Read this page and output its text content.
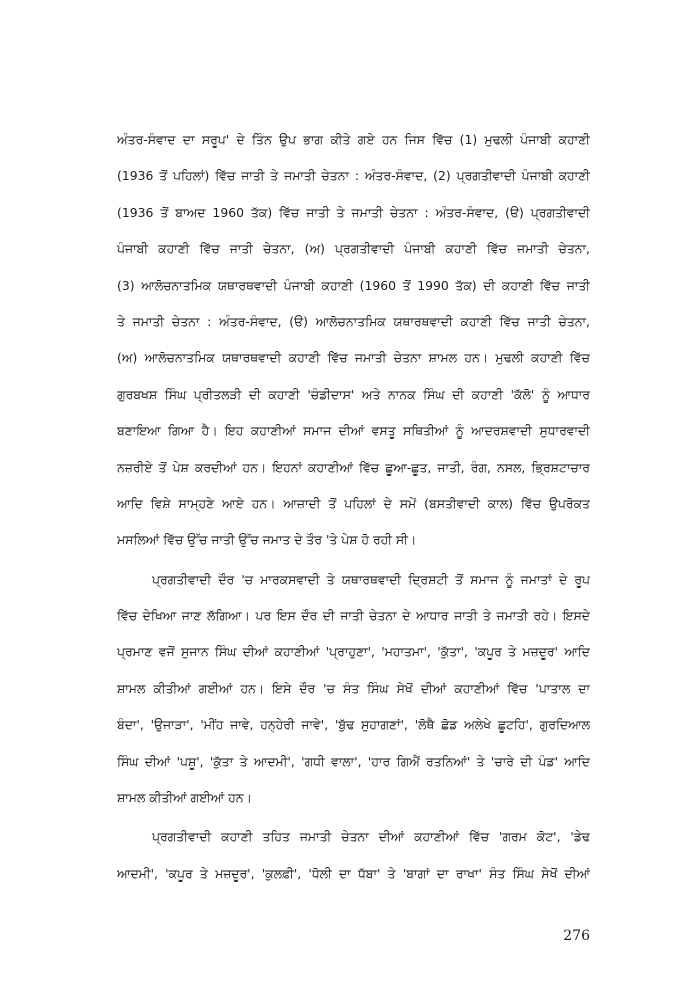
ਅੰਤਰ-ਸੰਵਾਦ ਦਾ ਸਰੂਪ' ਦੇ ਤਿੰਨ ਉਪ ਭਾਗ ਕੀਤੇ ਗਏ ਹਨ ਜਿਸ ਵਿੱਚ (1) ਮੁਢਲੀ ਪੰਜਾਬੀ ਕਹਾਣੀ
(1936 ਤੋਂ ਪਹਿਲਾਂ) ਵਿੱਚ ਜਾਤੀ ਤੇ ਜਮਾਤੀ ਚੇਤਨਾ : ਅੰਤਰ-ਸੰਵਾਦ, (2) ਪ੍ਰਗਤੀਵਾਦੀ ਪੰਜਾਬੀ ਕਹਾਣੀ
(1936 ਤੋਂ ਬਾਅਦ 1960 ਤੱਕ) ਵਿੱਚ ਜਾਤੀ ਤੇ ਜਮਾਤੀ ਚੇਤਨਾ : ਅੰਤਰ-ਸੰਵਾਦ, (ੳ) ਪ੍ਰਗਤੀਵਾਦੀ
ਪੰਜਾਬੀ ਕਹਾਣੀ ਵਿੱਚ ਜਾਤੀ ਚੇਤਨਾ, (ਅ) ਪ੍ਰਗਤੀਵਾਦੀ ਪੰਜਾਬੀ ਕਹਾਣੀ ਵਿੱਚ ਜਮਾਤੀ ਚੇਤਨਾ,
(3) ਆਲੋਚਨਾਤਮਿਕ ਯਥਾਰਥਵਾਦੀ ਪੰਜਾਬੀ ਕਹਾਣੀ (1960 ਤੋਂ 1990 ਤੱਕ) ਦੀ ਕਹਾਣੀ ਵਿੱਚ ਜਾਤੀ
ਤੇ ਜਮਾਤੀ ਚੇਤਨਾ : ਅੰਤਰ-ਸੰਵਾਦ, (ੳ) ਆਲੋਚਨਾਤਮਿਕ ਯਥਾਰਥਵਾਦੀ ਕਹਾਣੀ ਵਿੱਚ ਜਾਤੀ ਚੇਤਨਾ,
(ਅ) ਆਲੋਚਨਾਤਮਿਕ ਯਥਾਰਥਵਾਦੀ ਕਹਾਣੀ ਵਿੱਚ ਜਮਾਤੀ ਚੇਤਨਾ ਸ਼ਾਮਲ ਹਨ। ਮੁਢਲੀ ਕਹਾਣੀ ਵਿੱਚ
ਗੁਰਬਖਸ਼ ਸਿੰਘ ਪ੍ਰੀਤਲੜੀ ਦੀ ਕਹਾਣੀ 'ਚੰਡੀਦਾਸ' ਅਤੇ ਨਾਨਕ ਸਿੰਘ ਦੀ ਕਹਾਣੀ 'ਕੱਲੋ' ਨੂੰ ਆਧਾਰ
ਬਣਾਇਆ ਗਿਆ ਹੈ। ਇਹ ਕਹਾਣੀਆਂ ਸਮਾਜ ਦੀਆਂ ਵਸਤੂ ਸਥਿਤੀਆਂ ਨੂੰ ਆਦਰਸ਼ਵਾਦੀ ਸੁਧਾਰਵਾਦੀ
ਨਜ਼ਰੀਏ ਤੋਂ ਪੇਸ਼ ਕਰਦੀਆਂ ਹਨ। ਇਹਨਾਂ ਕਹਾਣੀਆਂ ਵਿੱਚ ਛੂਆ-ਛੂਤ, ਜਾਤੀ, ਰੰਗ, ਨਸਲ, ਭ੍ਰਿਸ਼ਟਾਚਾਰ
ਆਦਿ ਵਿਸ਼ੇ ਸਾਮ੍ਹਣੇ ਆਏ ਹਨ। ਆਜ਼ਾਦੀ ਤੋਂ ਪਹਿਲਾਂ ਦੇ ਸਮੇਂ (ਬਸਤੀਵਾਦੀ ਕਾਲ) ਵਿੱਚ ਉਪਰੋਕਤ
ਮਸਲਿਆਂ ਵਿੱਚ ਉੱਚ ਜਾਤੀ ਉੱਚ ਜਮਾਤ ਦੇ ਤੌਰ 'ਤੇ ਪੇਸ਼ ਹੋ ਰਹੀ ਸੀ।
ਪ੍ਰਗਤੀਵਾਦੀ ਦੌਰ 'ਚ ਮਾਰਕਸਵਾਦੀ ਤੇ ਯਥਾਰਥਵਾਦੀ ਦ੍ਰਿਸ਼ਟੀ ਤੋਂ ਸਮਾਜ ਨੂੰ ਜਮਾਤਾਂ ਦੇ ਰੂਪ
ਵਿੱਚ ਦੇਖਿਆ ਜਾਣ ਲੱਗਿਆ। ਪਰ ਇਸ ਦੌਰ ਦੀ ਜਾਤੀ ਚੇਤਨਾ ਦੇ ਆਧਾਰ ਜਾਤੀ ਤੇ ਜਮਾਤੀ ਰਹੇ। ਇਸਦੇ
ਪ੍ਰਮਾਣ ਵਜੋਂ ਸੁਜਾਨ ਸਿੰਘ ਦੀਆਂ ਕਹਾਣੀਆਂ 'ਪ੍ਰਾਹੁਣਾ', 'ਮਹਾਤਮਾ', 'ਕੁੱਤਾ', 'ਕਪੂਰ ਤੇ ਮਜ਼ਦੂਰ' ਆਦਿ
ਸ਼ਾਮਲ ਕੀਤੀਆਂ ਗਈਆਂ ਹਨ। ਇਸੇ ਦੌਰ 'ਚ ਸੰਤ ਸਿੰਘ ਸੇਖੋਂ ਦੀਆਂ ਕਹਾਣੀਆਂ ਵਿੱਚ 'ਪਾਤਾਲ ਦਾ
ਬੰਦਾ', 'ਉਜਾੜਾ', 'ਮੀਂਹ ਜਾਵੇ, ਹਨ੍ਹੇਰੀ ਜਾਵੇ', 'ਬੁੱਢ ਸੁਹਾਗਣਾਂ', 'ਲੋਥੈ ਛੋਡ ਅਲੇਖੇ ਛੂਟਹਿ', ਗੁਰਦਿਆਲ
ਸਿੰਘ ਦੀਆਂ 'ਪਸ਼ੂ', 'ਕੁੱਤਾ ਤੇ ਆਦਮੀ', 'ਗਧੀ ਵਾਲਾ', 'ਹਾਰ ਗਿਐਂ ਰਤਨਿਆਂ' ਤੇ 'ਚਾਰੇ ਦੀ ਪੰਡ' ਆਦਿ
ਸ਼ਾਮਲ ਕੀਤੀਆਂ ਗਈਆਂ ਹਨ।
ਪ੍ਰਗਤੀਵਾਦੀ ਕਹਾਣੀ ਤਹਿਤ ਜਮਾਤੀ ਚੇਤਨਾ ਦੀਆਂ ਕਹਾਣੀਆਂ ਵਿੱਚ 'ਗਰਮ ਕੋਟ', 'ਡੇਢ
ਆਦਮੀ', 'ਕਪੂਰ ਤੇ ਮਜ਼ਦੂਰ', 'ਕੁਲਫ਼ੀ', 'ਧੋਲੀ ਦਾ ਧੱਬਾ' ਤੇ 'ਬਾਗਾਂ ਦਾ ਰਾਖਾ' ਸੰਤ ਸਿੰਘ ਸੇਖੋਂ ਦੀਆਂ
276
